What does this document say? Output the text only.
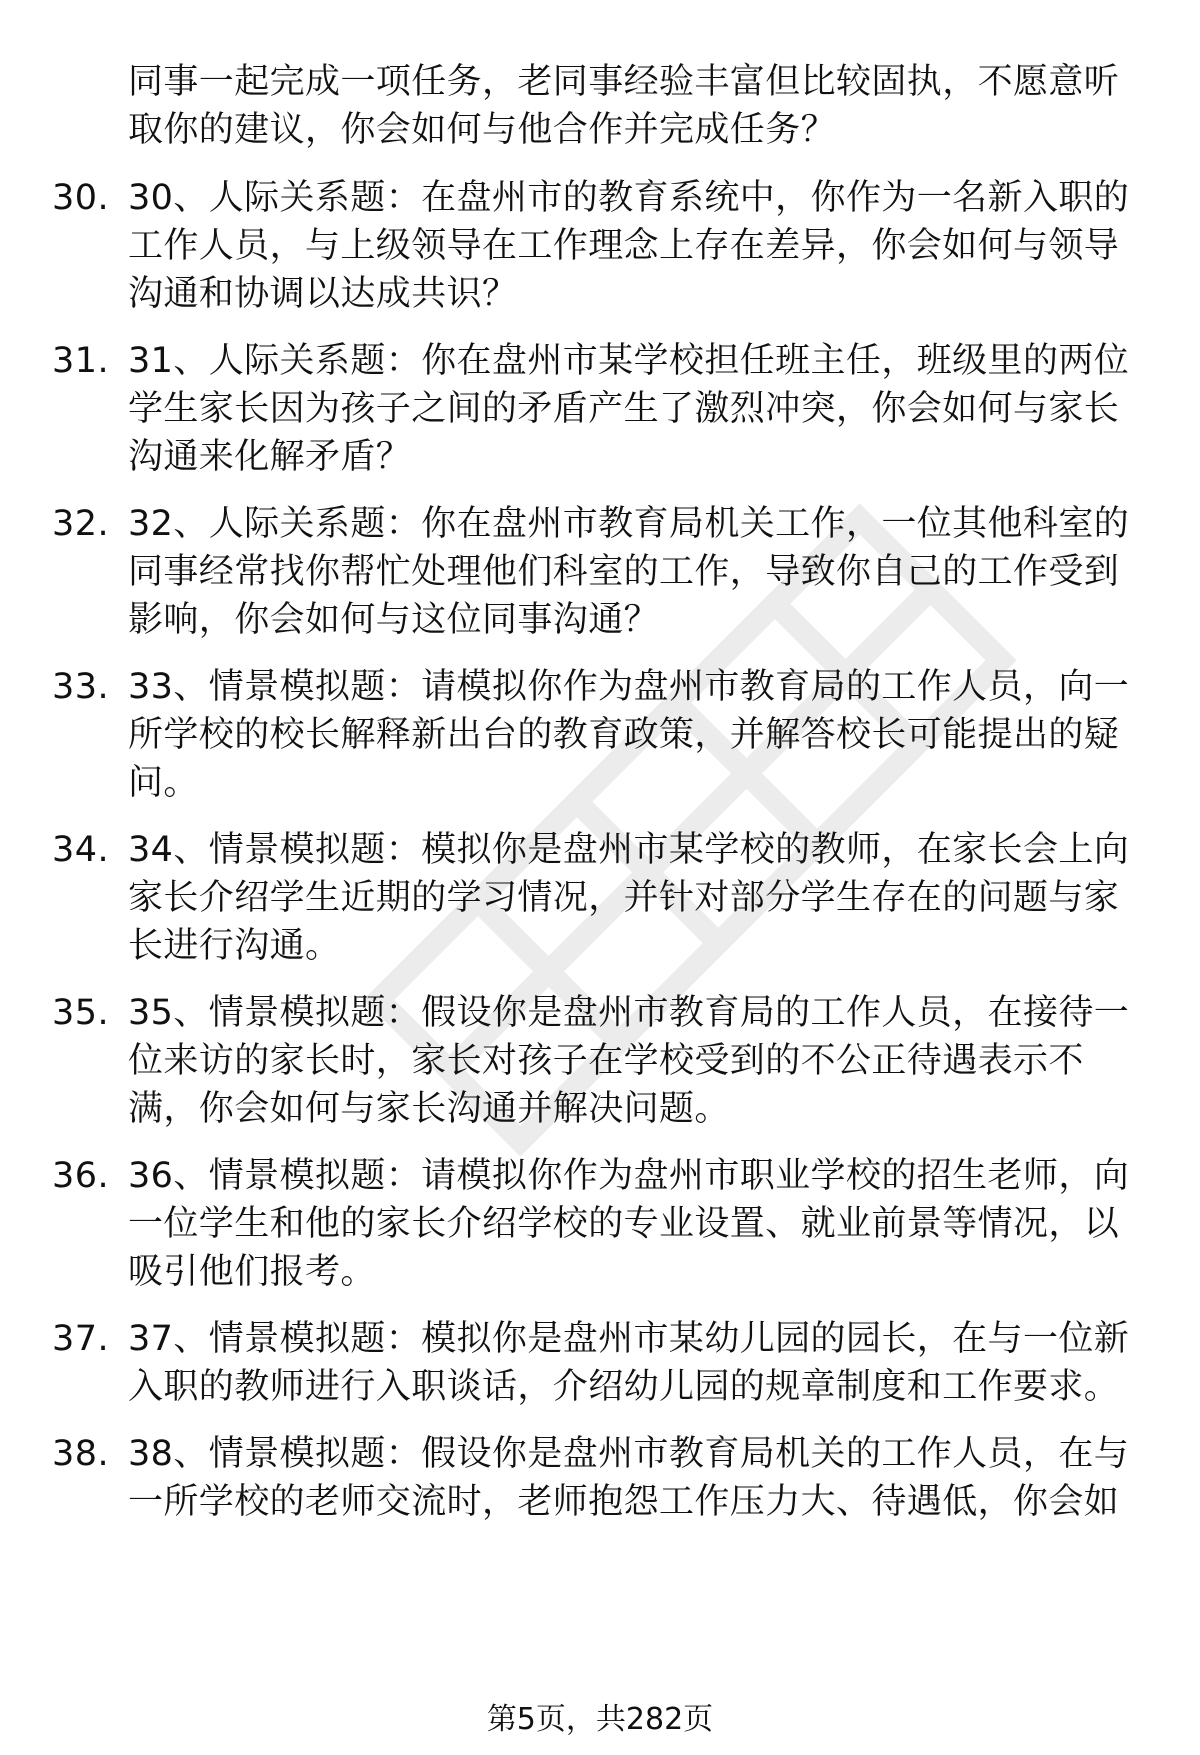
同事一起完成一项任务，老同事经验丰富但比较固执，不愿意听
取你的建议，你会如何与他合作并完成任务？
30. 30、人际关系题：在盘州市的教育系统中，你作为一名新入职的
工作人员，与上级领导在工作理念上存在差异，你会如何与领导
沟通和协调以达成共识？
31. 31、人际关系题：你在盘州市某学校担任班主任，班级里的两位
学生家长因为孩子之间的矛盾产生了激烈冲突，你会如何与家长
沟通来化解矛盾？
32. 32、人际关系题：你在盘州市教育局机关工作，一位其他科室的
同事经常找你帮忙处理他们科室的工作，导致你自己的工作受到
影响，你会如何与这位同事沟通？
33. 33、情景模拟题：请模拟你作为盘州市教育局的工作人员，向一
所学校的校长解释新出台的教育政策，并解答校长可能提出的疑
问。
34. 34、情景模拟题：模拟你是盘州市某学校的教师，在家长会上向
家长介绍学生近期的学习情况，并针对部分学生存在的问题与家
长进行沟通。
35. 35、情景模拟题：假设你是盘州市教育局的工作人员，在接待一
位来访的家长时，家长对孩子在学校受到的不公正待遇表示不
满，你会如何与家长沟通并解决问题。
36. 36、情景模拟题：请模拟你作为盘州市职业学校的招生老师，向
一位学生和他的家长介绍学校的专业设置、就业前景等情况，以
吸引他们报考。
37. 37、情景模拟题：模拟你是盘州市某幼儿园的园长，在与一位新
入职的教师进行入职谈话，介绍幼儿园的规章制度和工作要求。
38. 38、情景模拟题：假设你是盘州市教育局机关的工作人员，在与
一所学校的老师交流时，老师抱怨工作压力大、待遇低，你会如
第5页，共282页
